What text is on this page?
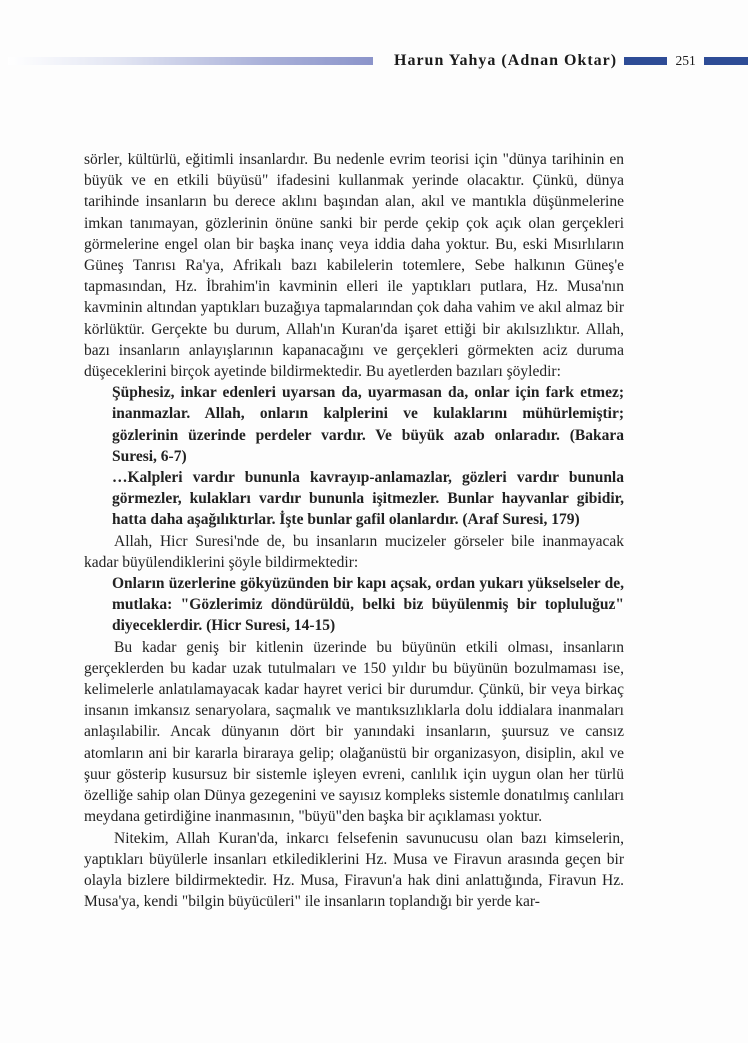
Harun Yahya (Adnan Oktar)	251

sörler, kültürlü, eğitimli insanlardır. Bu nedenle evrim teorisi için "dünya tarihinin en büyük ve en etkili büyüsü" ifadesini kullanmak yerinde olacaktır. Çünkü, dünya tarihinde insanların bu derece aklını başından alan, akıl ve mantıkla düşünmelerine imkan tanımayan, gözlerinin önüne sanki bir perde çekip çok açık olan gerçekleri görmelerine engel olan bir başka inanç veya iddia daha yoktur. Bu, eski Mısırlıların Güneş Tanrısı Ra'ya, Afrikalı bazı kabilelerin totemlere, Sebe halkının Güneş'e tapmasından, Hz. İbrahim'in kavminin elleri ile yaptıkları putlara, Hz. Musa'nın kavminin altından yaptıkları buzağıya tapmalarından çok daha vahim ve akıl almaz bir körlüktür. Gerçekte bu durum, Allah'ın Kuran'da işaret ettiği bir akılsızlıktır. Allah, bazı insanların anlayışlarının kapanacağını ve gerçekleri görmekten aciz duruma düşeceklerini birçok ayetinde bildirmektedir. Bu ayetlerden bazıları şöyledir:

Şüphesiz, inkar edenleri uyarsan da, uyarmasan da, onlar için fark etmez; inanmazlar. Allah, onların kalplerini ve kulaklarını mühürlemiştir; gözlerinin üzerinde perdeler vardır. Ve büyük azab onlaradır. (Bakara Suresi, 6-7)

…Kalpleri vardır bununla kavrayıp-anlamazlar, gözleri vardır bununla görmezler, kulakları vardır bununla işitmezler. Bunlar hayvanlar gibidir, hatta daha aşağılıktırlar. İşte bunlar gafil olanlardır. (Araf Suresi, 179)

Allah, Hicr Suresi'nde de, bu insanların mucizeler görseler bile inanmayacak kadar büyülendiklerini şöyle bildirmektedir:

Onların üzerlerine gökyüzünden bir kapı açsak, ordan yukarı yükselseler de, mutlaka: "Gözlerimiz döndürüldü, belki biz büyülenmiş bir topluluğuz" diyeceklerdir. (Hicr Suresi, 14-15)

Bu kadar geniş bir kitlenin üzerinde bu büyünün etkili olması, insanların gerçeklerden bu kadar uzak tutulmaları ve 150 yıldır bu büyünün bozulmaması ise, kelimelerle anlatılamayacak kadar hayret verici bir durumdur. Çünkü, bir veya birkaç insanın imkansız senaryolara, saçmalık ve mantıksızlıklarla dolu iddialara inanmaları anlaşılabilir. Ancak dünyanın dört bir yanındaki insanların, şuursuz ve cansız atomların ani bir kararla biraraya gelip; olağanüstü bir organizasyon, disiplin, akıl ve şuur gösterip kusursuz bir sistemle işleyen evreni, canlılık için uygun olan her türlü özelliğe sahip olan Dünya gezegenini ve sayısız kompleks sistemle donatılmış canlıları meydana getirdiğine inanmasının, "büyü"den başka bir açıklaması yoktur.

Nitekim, Allah Kuran'da, inkarcı felsefenin savunucusu olan bazı kimselerin, yaptıkları büyülerle insanları etkilediklerini Hz. Musa ve Firavun arasında geçen bir olayla bizlere bildirmektedir. Hz. Musa, Firavun'a hak dini anlattığında, Firavun Hz. Musa'ya, kendi "bilgin büyücüleri" ile insanların toplandığı bir yerde kar-
